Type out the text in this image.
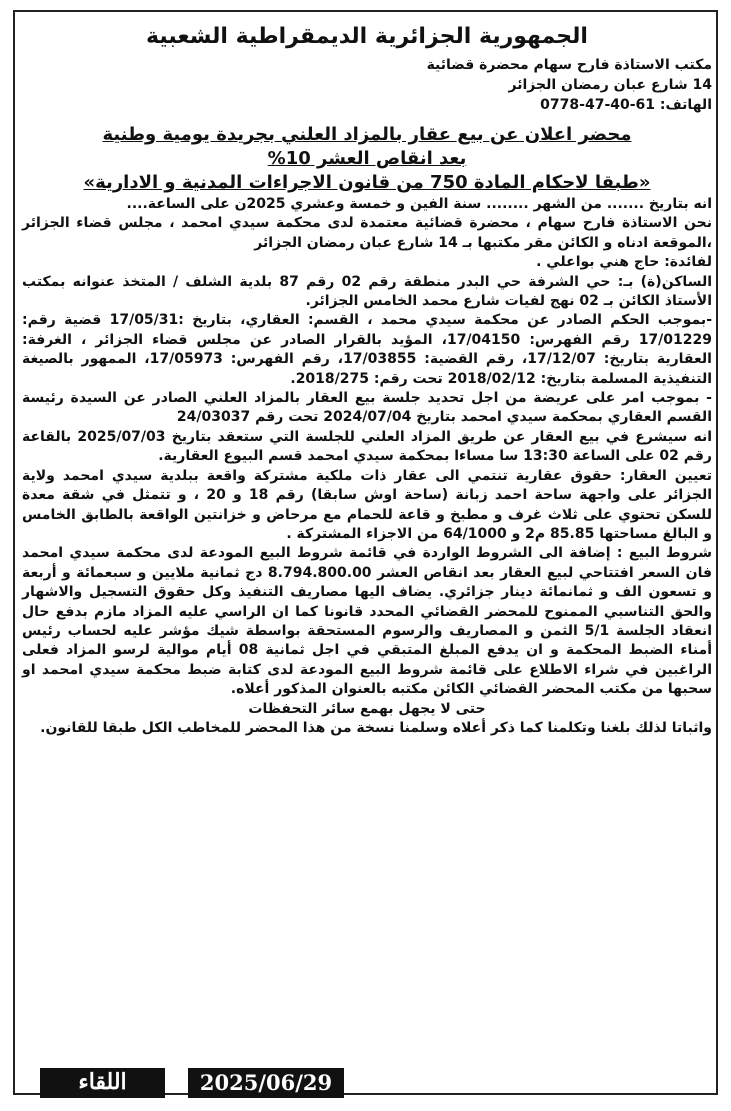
الجمهورية الجزائرية الديمقراطية الشعبية
مكتب الاستاذة فارح سهام محضرة قضائية
14 شارع عبان رمضان الجزائر
الهاتف: 61-40-47-0778
محضر اعلان عن بيع عقار بالمزاد العلني بجريدة يومية وطنية
بعد انقاص العشر 10%
«طبقا لاحكام المادة 750 من قانون الاجراءات المدنية و الادارية»

انه بتاريخ ....... من الشهر ........ سنة الفين و خمسة وعشري 2025ن على الساعة....

نحن الاستاذة فارح سهام ، محضرة قضائية معتمدة لدى محكمة سيدي امحمد ، مجلس قضاء الجزائر ،الموقعة ادناه و الكائن مقر مكتبها بـ 14 شارع عبان رمضان الجزائر

لفائدة: حاج هني بواعلي .

الساكن(ة) بـ: حي الشرفة حي البدر منطقة رقم 02 رقم 87 بلدية الشلف / المتخذ عنوانه بمكتب الأستاذ الكائن بـ 02 نهج لفيات شارع محمد الخامس الجزائر.

-بموجب الحكم الصادر عن محكمة سيدي محمد ، القسم: العقاري، بتاريخ :17/05/31 قضية رقم: 17/01229 رقم الفهرس: 17/04150، المؤيد بالقرار الصادر عن مجلس قضاء الجزائر ، الغرفة: العقارية بتاريخ: 17/12/07، رقم القضية: 17/03855، رقم الفهرس: 17/05973، الممهور بالصيغة التنفيذية المسلمة بتاريخ: 2018/02/12 تحت رقم: 2018/275.

- بموجب امر على عريضة من اجل تحديد جلسة بيع العقار بالمزاد العلني الصادر عن السيدة رئيسة القسم العقاري بمحكمة سيدي امحمد بتاريخ 2024/07/04 تحت رقم 24/03037

انه سيشرع في بيع العقار عن طريق المزاد العلني للجلسة التي ستعقد بتاريخ 2025/07/03 بالقاعة رقم 02 على الساعة 13:30 سا مساءا بمحكمة سيدي امحمد قسم البيوع العقارية.

تعيين العقار: حقوق عقارية تنتمي الى عقار ذات ملكية مشتركة واقعة ببلدية سيدي امحمد ولاية الجزائر على واجهة ساحة احمد زبانة (ساحة اوش سابقا) رقم 18 و 20 ، و تتمثل في شقة معدة للسكن تحتوي على ثلاث غرف و مطبخ و قاعة للحمام مع مرحاض و خزانتين الواقعة بالطابق الخامس و البالغ مساحتها 85.85 م2 و 64/1000 من الاجزاء المشتركة .

شروط البيع : إضافة الى الشروط الواردة في قائمة شروط البيع المودعة لدى محكمة سيدي امحمد فان السعر افتتاحي لبيع العقار بعد انقاص العشر 8.794.800.00 دج ثمانية ملايين و سبعمائة و أربعة و تسعون الف و ثمانمائة دينار جزائري. يضاف اليها مصاريف التنفيذ وكل حقوق التسجيل والاشهار والحق التناسبي الممنوح للمحضر القضائي المحدد قانونا كما ان الراسي عليه المزاد مازم بدفع حال انعقاد الجلسة 5/1 الثمن و المصاريف والرسوم المستحقة بواسطة شيك مؤشر عليه لحساب رئيس أمناء الضبط المحكمة و ان يدفع المبلغ المتبقي في اجل ثمانية 08 أيام موالية لرسو المزاد فعلى الراغبين في شراء الاطلاع على قائمة شروط البيع المودعة لدى كتابة ضبط محكمة سيدي امحمد او سحبها من مكتب المحضر القضائي الكائن مكتبه بالعنوان المذكور أعلاه.

حتى لا يجهل بهمع سائر التحفظات

واثباتا لذلك بلغنا وتكلمنا كما ذكر أعلاه وسلمنا نسخة من هذا المحضر للمخاطب الكل طبقا للقانون.

2025/06/29
اللقاء
